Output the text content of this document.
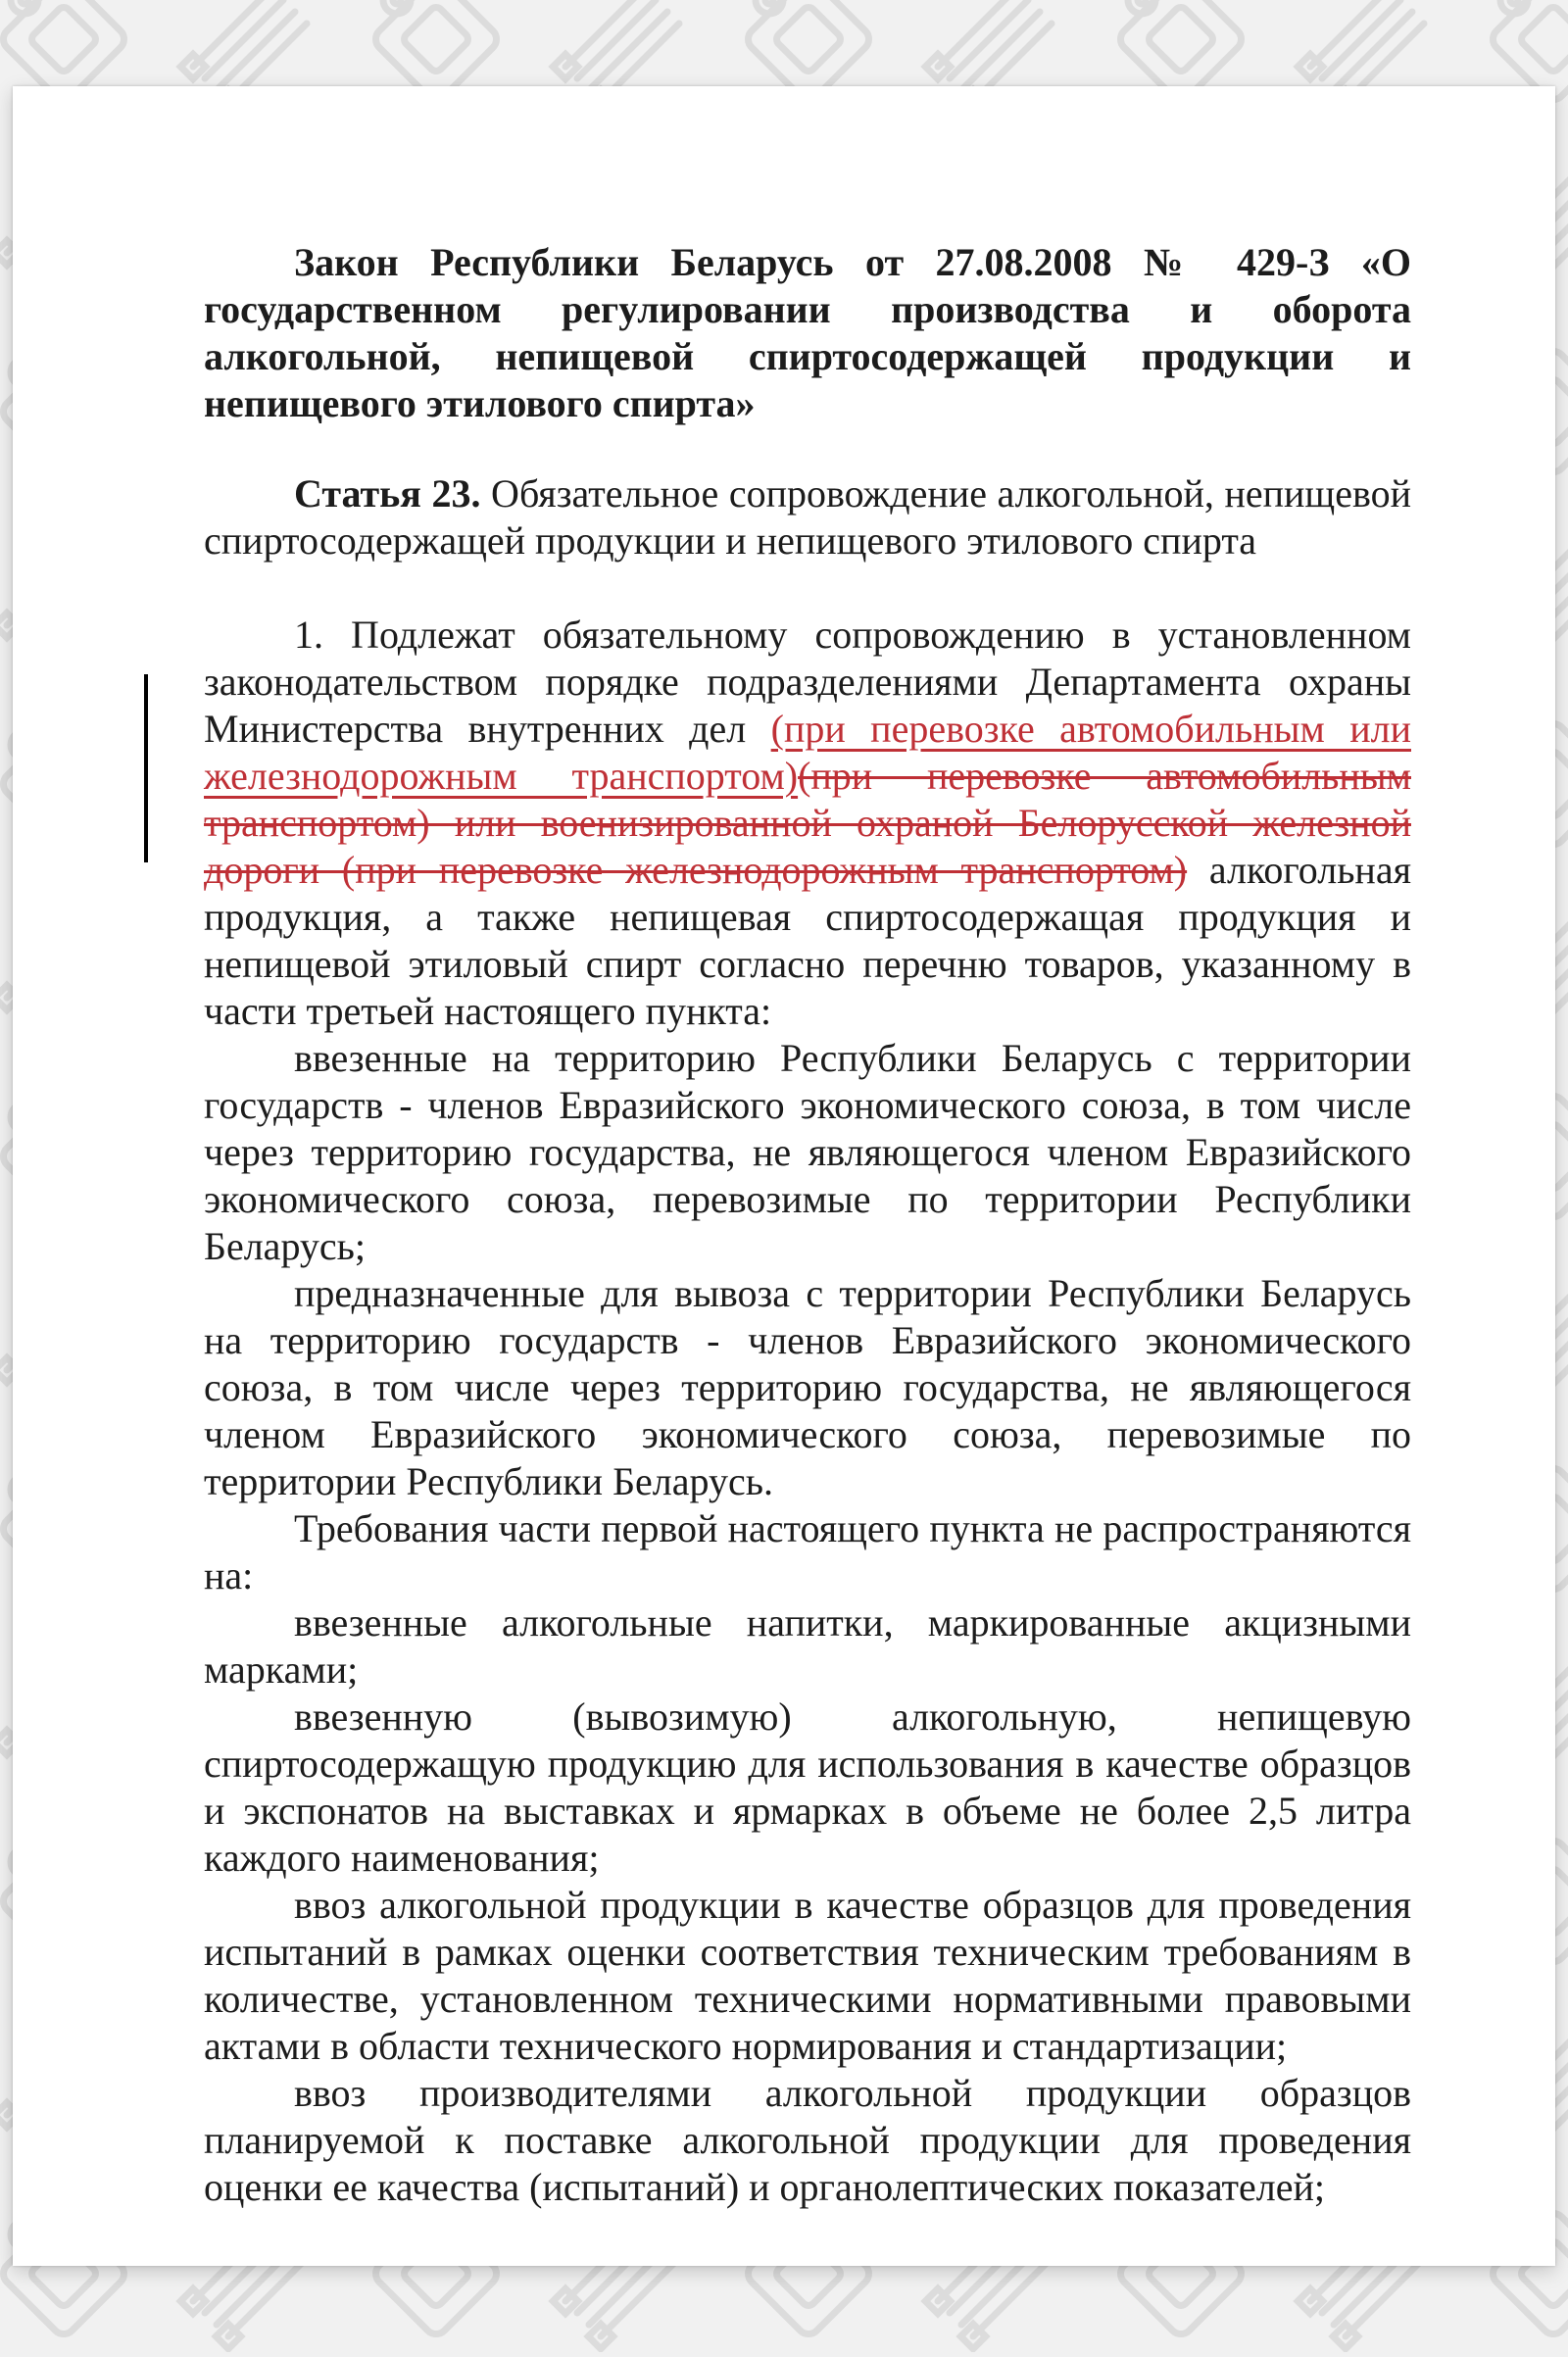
Закон Республики Беларусь от 27.08.2008 № 429-З «О государственном регулировании производства и оборота алкогольной, непищевой спиртосодержащей продукции и непищевого этилового спирта»

Статья 23. Обязательное сопровождение алкогольной, непищевой спиртосодержащей продукции и непищевого этилового спирта

1. Подлежат обязательному сопровождению в установленном законодательством порядке подразделениями Департамента охраны Министерства внутренних дел (при перевозке автомобильным или железнодорожным транспортом)(при перевозке автомобильным транспортом) или военизированной охраной Белорусской железной дороги (при перевозке железнодорожным транспортом) алкогольная продукция, а также непищевая спиртосодержащая продукция и непищевой этиловый спирт согласно перечню товаров, указанному в части третьей настоящего пункта:

ввезенные на территорию Республики Беларусь с территории государств - членов Евразийского экономического союза, в том числе через территорию государства, не являющегося членом Евразийского экономического союза, перевозимые по территории Республики Беларусь;

предназначенные для вывоза с территории Республики Беларусь на территорию государств - членов Евразийского экономического союза, в том числе через территорию государства, не являющегося членом Евразийского экономического союза, перевозимые по территории Республики Беларусь.

Требования части первой настоящего пункта не распространяются на:

ввезенные алкогольные напитки, маркированные акцизными марками;

ввезенную (вывозимую) алкогольную, непищевую спиртосодержащую продукцию для использования в качестве образцов и экспонатов на выставках и ярмарках в объеме не более 2,5 литра каждого наименования;

ввоз алкогольной продукции в качестве образцов для проведения испытаний в рамках оценки соответствия техническим требованиям в количестве, установленном техническими нормативными правовыми актами в области технического нормирования и стандартизации;

ввоз производителями алкогольной продукции образцов планируемой к поставке алкогольной продукции для проведения оценки ее качества (испытаний) и органолептических показателей;
